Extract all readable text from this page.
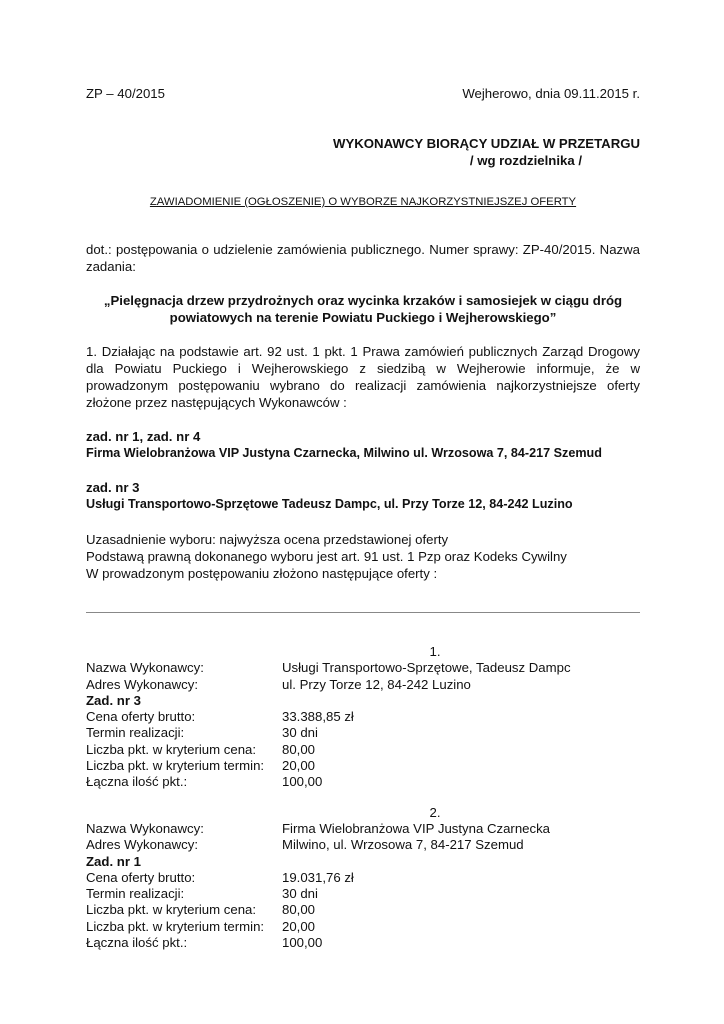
ZP – 40/2015	Wejherowo, dnia 09.11.2015 r.

WYKONAWCY BIORĄCY UDZIAŁ W PRZETARGU

/ wg rozdzielnika /

ZAWIADOMIENIE (OGŁOSZENIE) O WYBORZE NAJKORZYSTNIEJSZEJ OFERTY

dot.: postępowania o udzielenie zamówienia publicznego. Numer sprawy: ZP-40/2015. Nazwa zadania:

„Pielęgnacja drzew przydrożnych oraz wycinka krzaków i samosiejek w ciągu dróg

powiatowych na terenie Powiatu Puckiego i Wejherowskiego”

1. Działając na podstawie art. 92 ust. 1 pkt. 1 Prawa zamówień publicznych Zarząd Drogowy dla Powiatu Puckiego i Wejherowskiego z siedzibą w Wejherowie informuje, że w prowadzonym postępowaniu wybrano do realizacji zamówienia najkorzystniejsze oferty złożone przez następujących Wykonawców :

zad. nr 1, zad. nr 4

Firma Wielobranżowa VIP Justyna Czarnecka, Milwino ul. Wrzosowa 7, 84-217 Szemud

zad. nr 3

Usługi Transportowo-Sprzętowe Tadeusz Dampc, ul. Przy Torze 12, 84-242 Luzino

Uzasadnienie wyboru: najwyższa ocena przedstawionej oferty

Podstawą prawną dokonanego wyboru jest art. 91 ust. 1 Pzp oraz Kodeks Cywilny

W prowadzonym postępowaniu złożono następujące oferty :

1.

Nazwa Wykonawcy:	Usługi Transportowo-Sprzętowe, Tadeusz Dampc
Adres Wykonawcy:	ul. Przy Torze 12, 84-242 Luzino
Zad. nr 3
Cena oferty brutto:	33.388,85 zł
Termin realizacji:	30 dni
Liczba pkt. w kryterium cena:	80,00
Liczba pkt. w kryterium termin:	20,00
Łączna ilość pkt.:	100,00

2.

Nazwa Wykonawcy:	Firma Wielobranżowa VIP Justyna Czarnecka
Adres Wykonawcy:	Milwino, ul. Wrzosowa 7, 84-217 Szemud
Zad. nr 1
Cena oferty brutto:	19.031,76 zł
Termin realizacji:	30 dni
Liczba pkt. w kryterium cena:	80,00
Liczba pkt. w kryterium termin:	20,00
Łączna ilość pkt.:	100,00
